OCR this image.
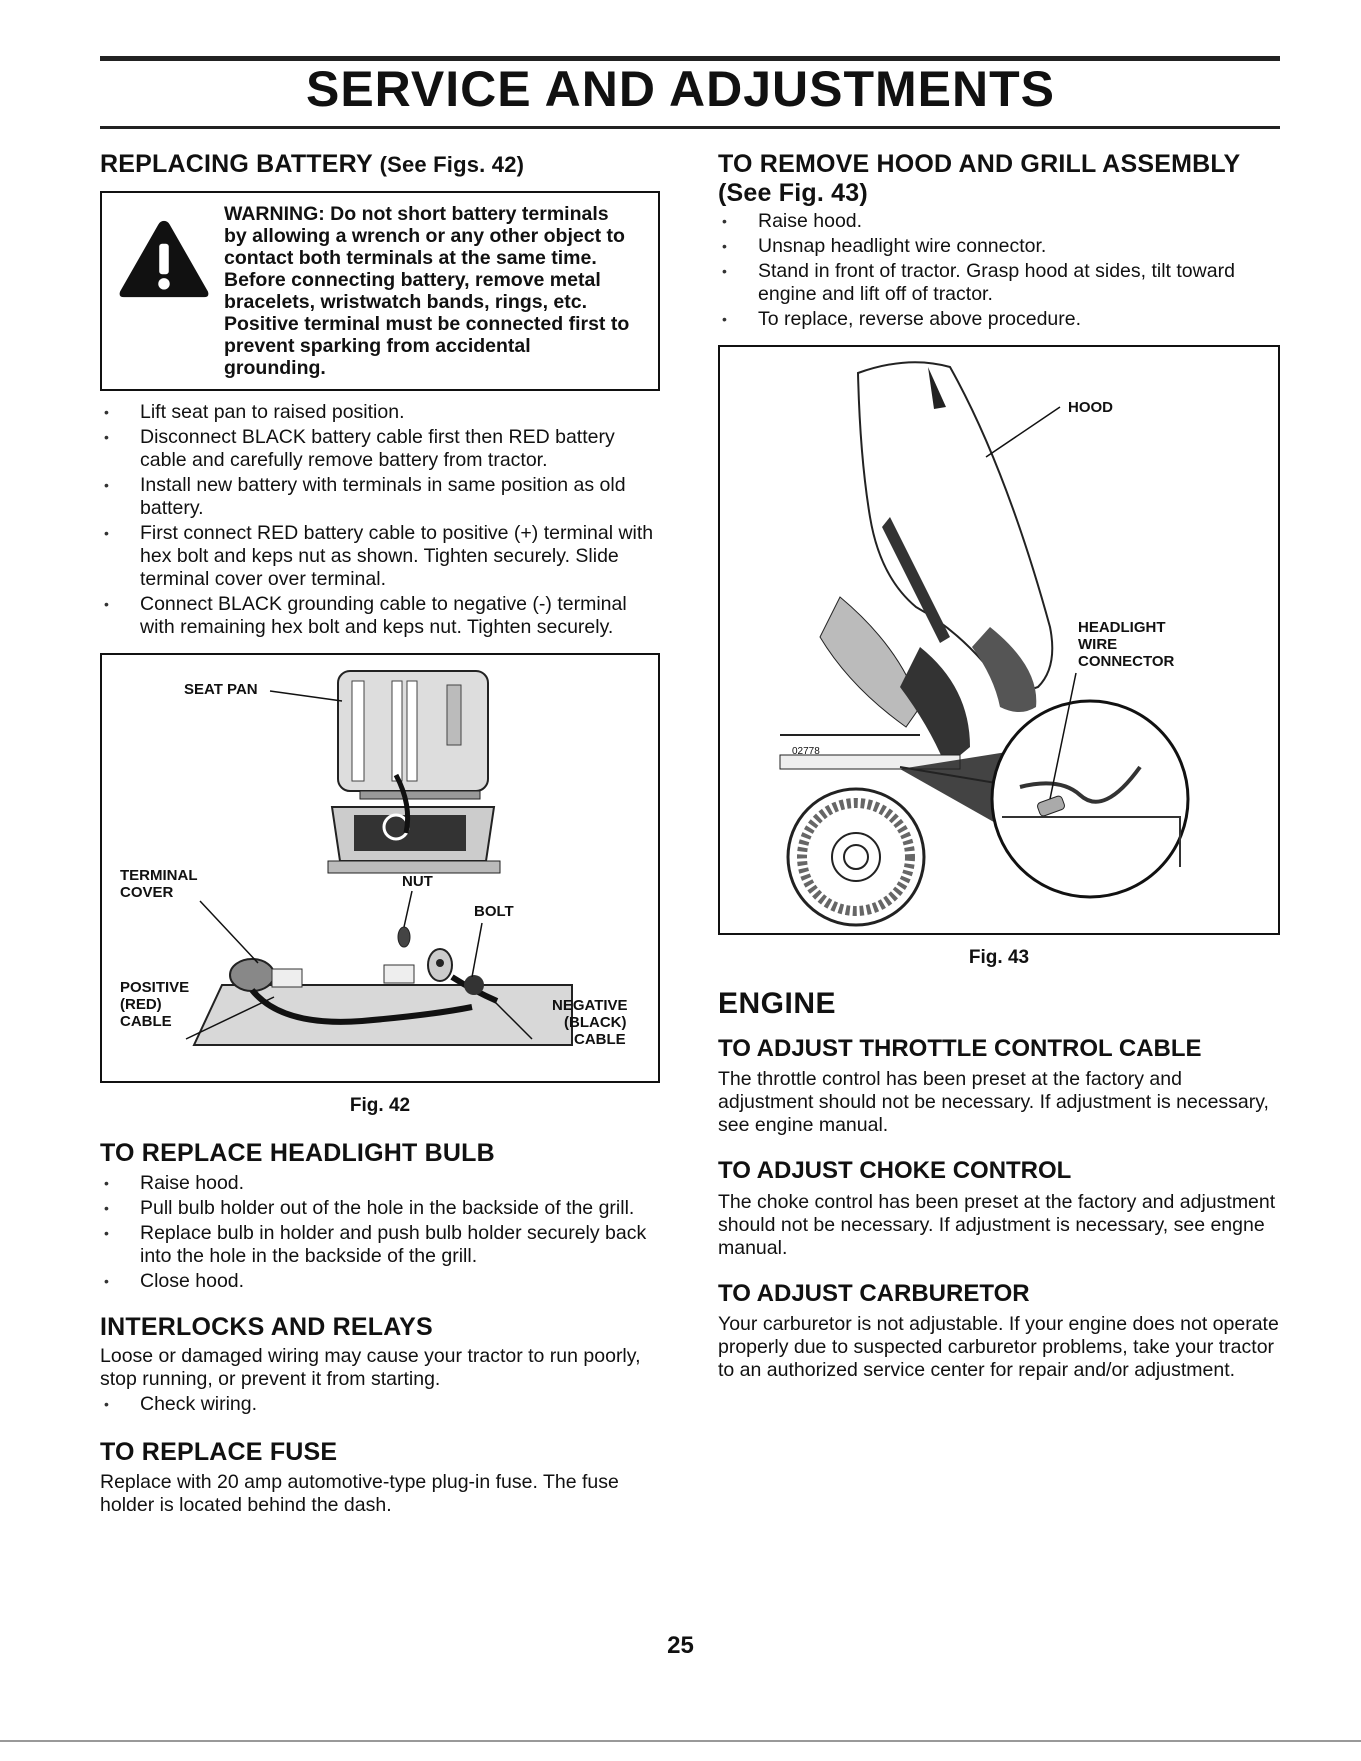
SERVICE AND ADJUSTMENTS
REPLACING BATTERY (See Figs. 42)

WARNING: Do not short battery terminals by allowing a wrench or any other object to contact both terminals at the same time. Before connecting battery, remove metal bracelets, wristwatch bands, rings, etc. Positive terminal must be connected first to prevent sparking from accidental grounding.

• Lift seat pan to raised position.
• Disconnect BLACK battery cable first then RED battery cable and carefully remove battery from tractor.
• Install new battery with terminals in same position as old battery.
• First connect RED battery cable to positive (+) terminal with hex bolt and keps nut as shown. Tighten securely. Slide terminal cover over terminal.
• Connect BLACK grounding cable to negative (-) terminal with remaining hex bolt and keps nut. Tighten securely.
SEAT PAN
TERMINAL
COVER
NUT
BOLT
POSITIVE
(RED)
CABLE
NEGATIVE
(BLACK)
CABLE

Fig. 42

TO REPLACE HEADLIGHT BULB
• Raise hood.
• Pull bulb holder out of the hole in the backside of the grill.
• Replace bulb in holder and push bulb holder securely back into the hole in the backside of the grill.
• Close hood.
INTERLOCKS AND RELAYS

Loose or damaged wiring may cause your tractor to run poorly, stop running, or prevent it from starting.

• Check wiring.
TO REPLACE FUSE

Replace with 20 amp automotive-type plug-in fuse. The fuse holder is located behind the dash.

TO REMOVE HOOD AND GRILL ASSEMBLY
(See Fig. 43)
• Raise hood.
• Unsnap headlight wire connector.
• Stand in front of tractor. Grasp hood at sides, tilt toward engine and lift off of tractor.
• To replace, reverse above procedure.
HOOD
HEADLIGHT
WIRE
CONNECTOR
02778

Fig. 43

ENGINE

TO ADJUST THROTTLE CONTROL CABLE

The throttle control has been preset at the factory and adjustment should not be necessary. If adjustment is necessary, see engine manual.

TO ADJUST CHOKE CONTROL

The choke control has been preset at the factory and adjustment should not be necessary. If adjustment is necessary, see engne manual.

TO ADJUST CARBURETOR

Your carburetor is not adjustable. If your engine does not operate properly due to suspected carburetor problems, take your tractor to an authorized service center for repair and/or adjustment.

25
